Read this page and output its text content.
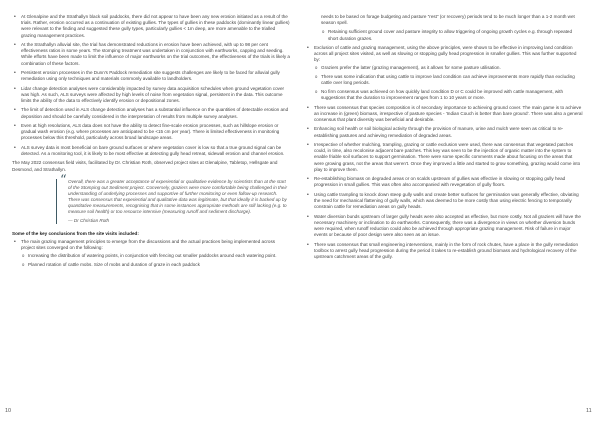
• At Glenalpine and the Strathallyn black soil paddocks, there did not appear to have been any new erosion initiated as a result of the trials. Rather, erosion occurred as a continuation of existing gullies. The types of gullies in these paddocks (dominantly linear gullies) were relevant to the finding and suggested these gully types, particularly gullies < 1m deep, are more amenable to the trialled grazing management practices.
• At the Strathallyn alluvial site, the trial has demonstrated reductions in erosion have been achieved, with up to 98 per cent effectiveness ratios in some years. The stomping treatment was undertaken in conjunction with earthworks, capping and seeding. While efforts have been made to limit the influence of major earthworks on the trial outcomes, the effectiveness of the trials is likely a combination of these factors.
• Persistent erosion processes in the Dunn's Paddock remediation site suggests challenges are likely to be faced for alluvial gully remediation using only techniques and materials commonly available to landholders.
• Lidar change detection analyses were considerably impacted by survey data acquisition schedules when ground vegetation cover was high. As such, ALS surveys were affected by high levels of noise from vegetation signal, persistent in the data. This outcome limits the ability of the data to effectively identify erosion or depositional zones.
• The limit of detection used in ALS change detection analyses has a substantial influence on the quantities of detectable erosion and deposition and should be carefully considered in the interpretation of results from multiple survey analyses.
• Even at high resolutions, ALS data does not have the ability to detect fine-scale erosion processes, such as hillslope erosion or gradual wash erosion (e.g. where processes are anticipated to be <15 cm per year). There is limited effectiveness in monitoring processes below this threshold, particularly across broad landscape areas.
• ALS survey data is most beneficial on bare ground surfaces or where vegetation cover is low so that a true ground signal can be detected. As a monitoring tool, it is likely to be most effective at detecting gully head retreat, sidewall erosion and channel erosion.

The May 2022 consensus field visits, facilitated by Dr. Christian Roth, observed project sites at Glenalpine, Tabletop, Hellsgate and Desmond, and Strathallyn.

“ Overall, there was a greater acceptance of experiential or qualitative evidence by scientists than at the start of the Stomping out Sediment project. Conversely, graziers were more comfortable being challenged in their understanding of underlying processes and supportive of further monitoring or even follow-up research. There was consensus that experiential and qualitative data was legitimate, but that ideally it is backed up by quantitative measurements, recognising that in some instances appropriate methods are still lacking (e.g. to measure soil health) or too resource intensive (measuring runoff and sediment discharge).
— Dr Christian Roth
Some of the key conclusions from the site visits included:
• The main grazing management principles to emerge from the discussions and the actual practices being implemented across project sites converged on the following:
o Increasing the distribution of watering points, in conjunction with fencing out smaller paddocks around each watering point.
o Planned rotation of cattle mobs. Size of mobs and duration of graze in each paddock
needs to be based on forage budgeting and pasture “rest” (or recovery) periods tend to be much longer than a 1-2 month wet season spell.
o Retaining sufficient ground cover and pasture integrity to allow triggering of ongoing growth cycles e.g. through repeated short duration grazes.
• Exclusion of cattle and grazing management, using the above principles, were shown to be effective in improving land condition across all project sites visited, as well as slowing or stopping gully head progression in smaller gullies. This was further supported by:
o Graziers prefer the latter (grazing management), as it allows for some pasture utilisation.
o There was some indication that using cattle to improve land condition can achieve improvements more rapidly than excluding cattle over long periods.
o No firm consensus was achieved on how quickly land condition D or C could be improved with cattle management, with suggestions that the duration to improvement ranges from 1 to 10 years or more.
• There was consensus that species composition is of secondary importance to achieving ground cover. The main game is to achieve an increase in (green) biomass, irrespective of pasture species - 'Indian Couch is better than bare ground'. There was also a general consensus that plant diversity was beneficial and desirable.
• Enhancing soil health or soil biological activity through the provision of manure, urine and mulch were seen as critical to re-establishing pastures and achieving remediation of degraded areas.
• Irrespective of whether mulching, trampling, grazing or cattle exclusion were used, there was consensus that vegetated patches could, in time, also recolonise adjacent bare patches. This key was seen to be the injection of organic matter into the system to enable friable soil surfaces to support germination. There were some specific comments made about focusing on the areas that were growing grass, not the areas that weren't. Once they improved a little and started to grow something, grazing would come into play to improve them.
• Re-establishing biomass on degraded areas or on scalds upstream of gullies was effective in slowing or stopping gully head progression in small gullies. This was often also accompanied with revegetation of gully floors.
• Using cattle trampling to knock down steep gully walls and create better surfaces for germination was generally effective, obviating the need for mechanical flattening of gully walls, which was deemed to be more costly than using electric fencing to temporarily constrain cattle for remediation areas on gully heads.
• Water diversion bunds upstream of larger gully heads were also accepted as effective, but more costly. Not all graziers will have the necessary machinery or inclination to do earthworks. Consequently, there was a divergence in views on whether diversion bunds were required, when runoff reduction could also be achieved through appropriate grazing management. Risk of failure in major events or because of poor design were also seen as an issue.
• There was consensus that small engineering interventions, mainly in the form of rock chutes, have a place in the gully remediation toolbox to arrest gully head progression during the period it takes to re-establish ground biomass and hydrological recovery of the upstream catchment areas of the gully.
10	11
